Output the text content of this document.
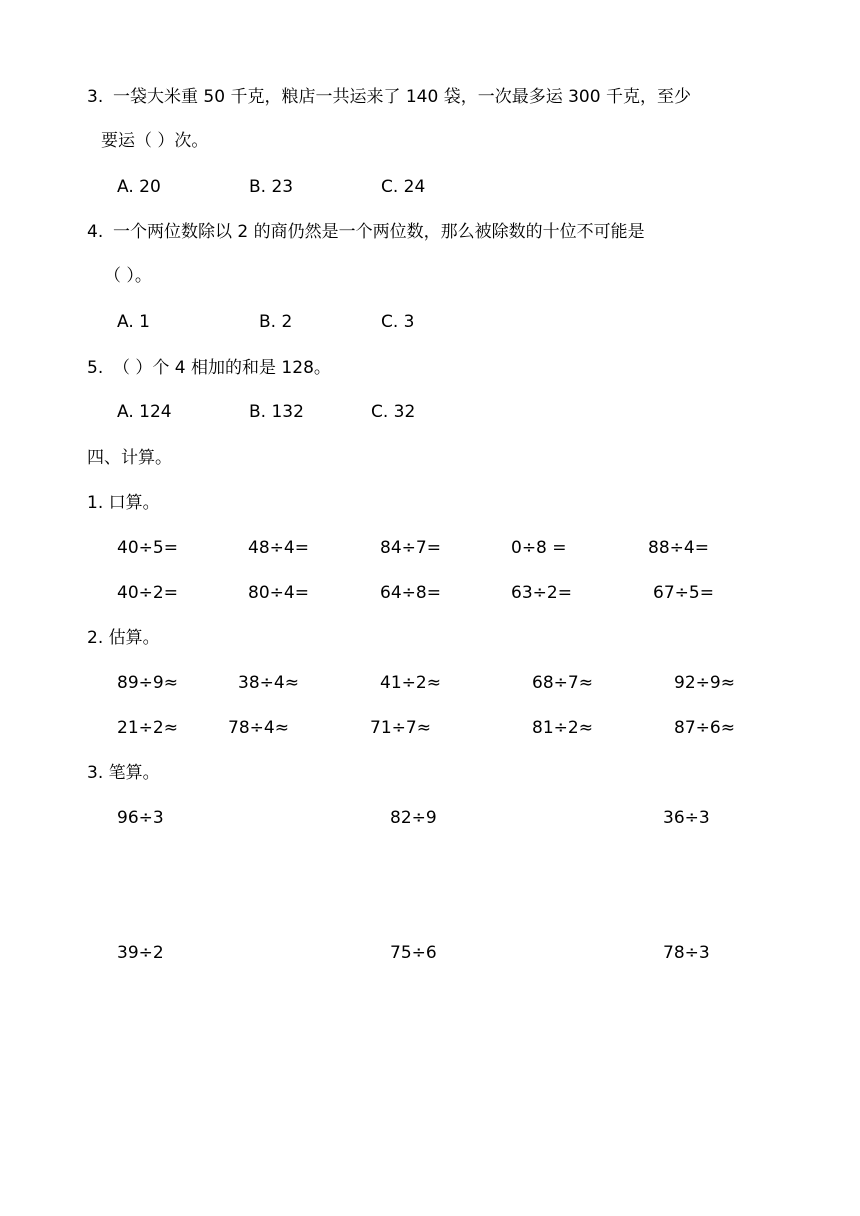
3. 一袋大米重 50 千克，粮店一共运来了 140 袋，一次最多运 300 千克，至少
要运（ ）次。
A. 20	B. 23	C. 24
4. 一个两位数除以 2 的商仍然是一个两位数，那么被除数的十位不可能是
（ ）。
A. 1	B. 2	C. 3
5. （ ）个 4 相加的和是 128。
A. 124	B. 132	C. 32
四、计算。
1. 口算。
40÷5=	48÷4=	84÷7=	0÷8 =	88÷4=
40÷2=	80÷4=	64÷8=	63÷2=	67÷5=
2. 估算。
89÷9≈	38÷4≈	41÷2≈	68÷7≈	92÷9≈
21÷2≈	78÷4≈	71÷7≈	81÷2≈	87÷6≈
3. 笔算。
96÷3	82÷9	36÷3
39÷2	75÷6	78÷3
